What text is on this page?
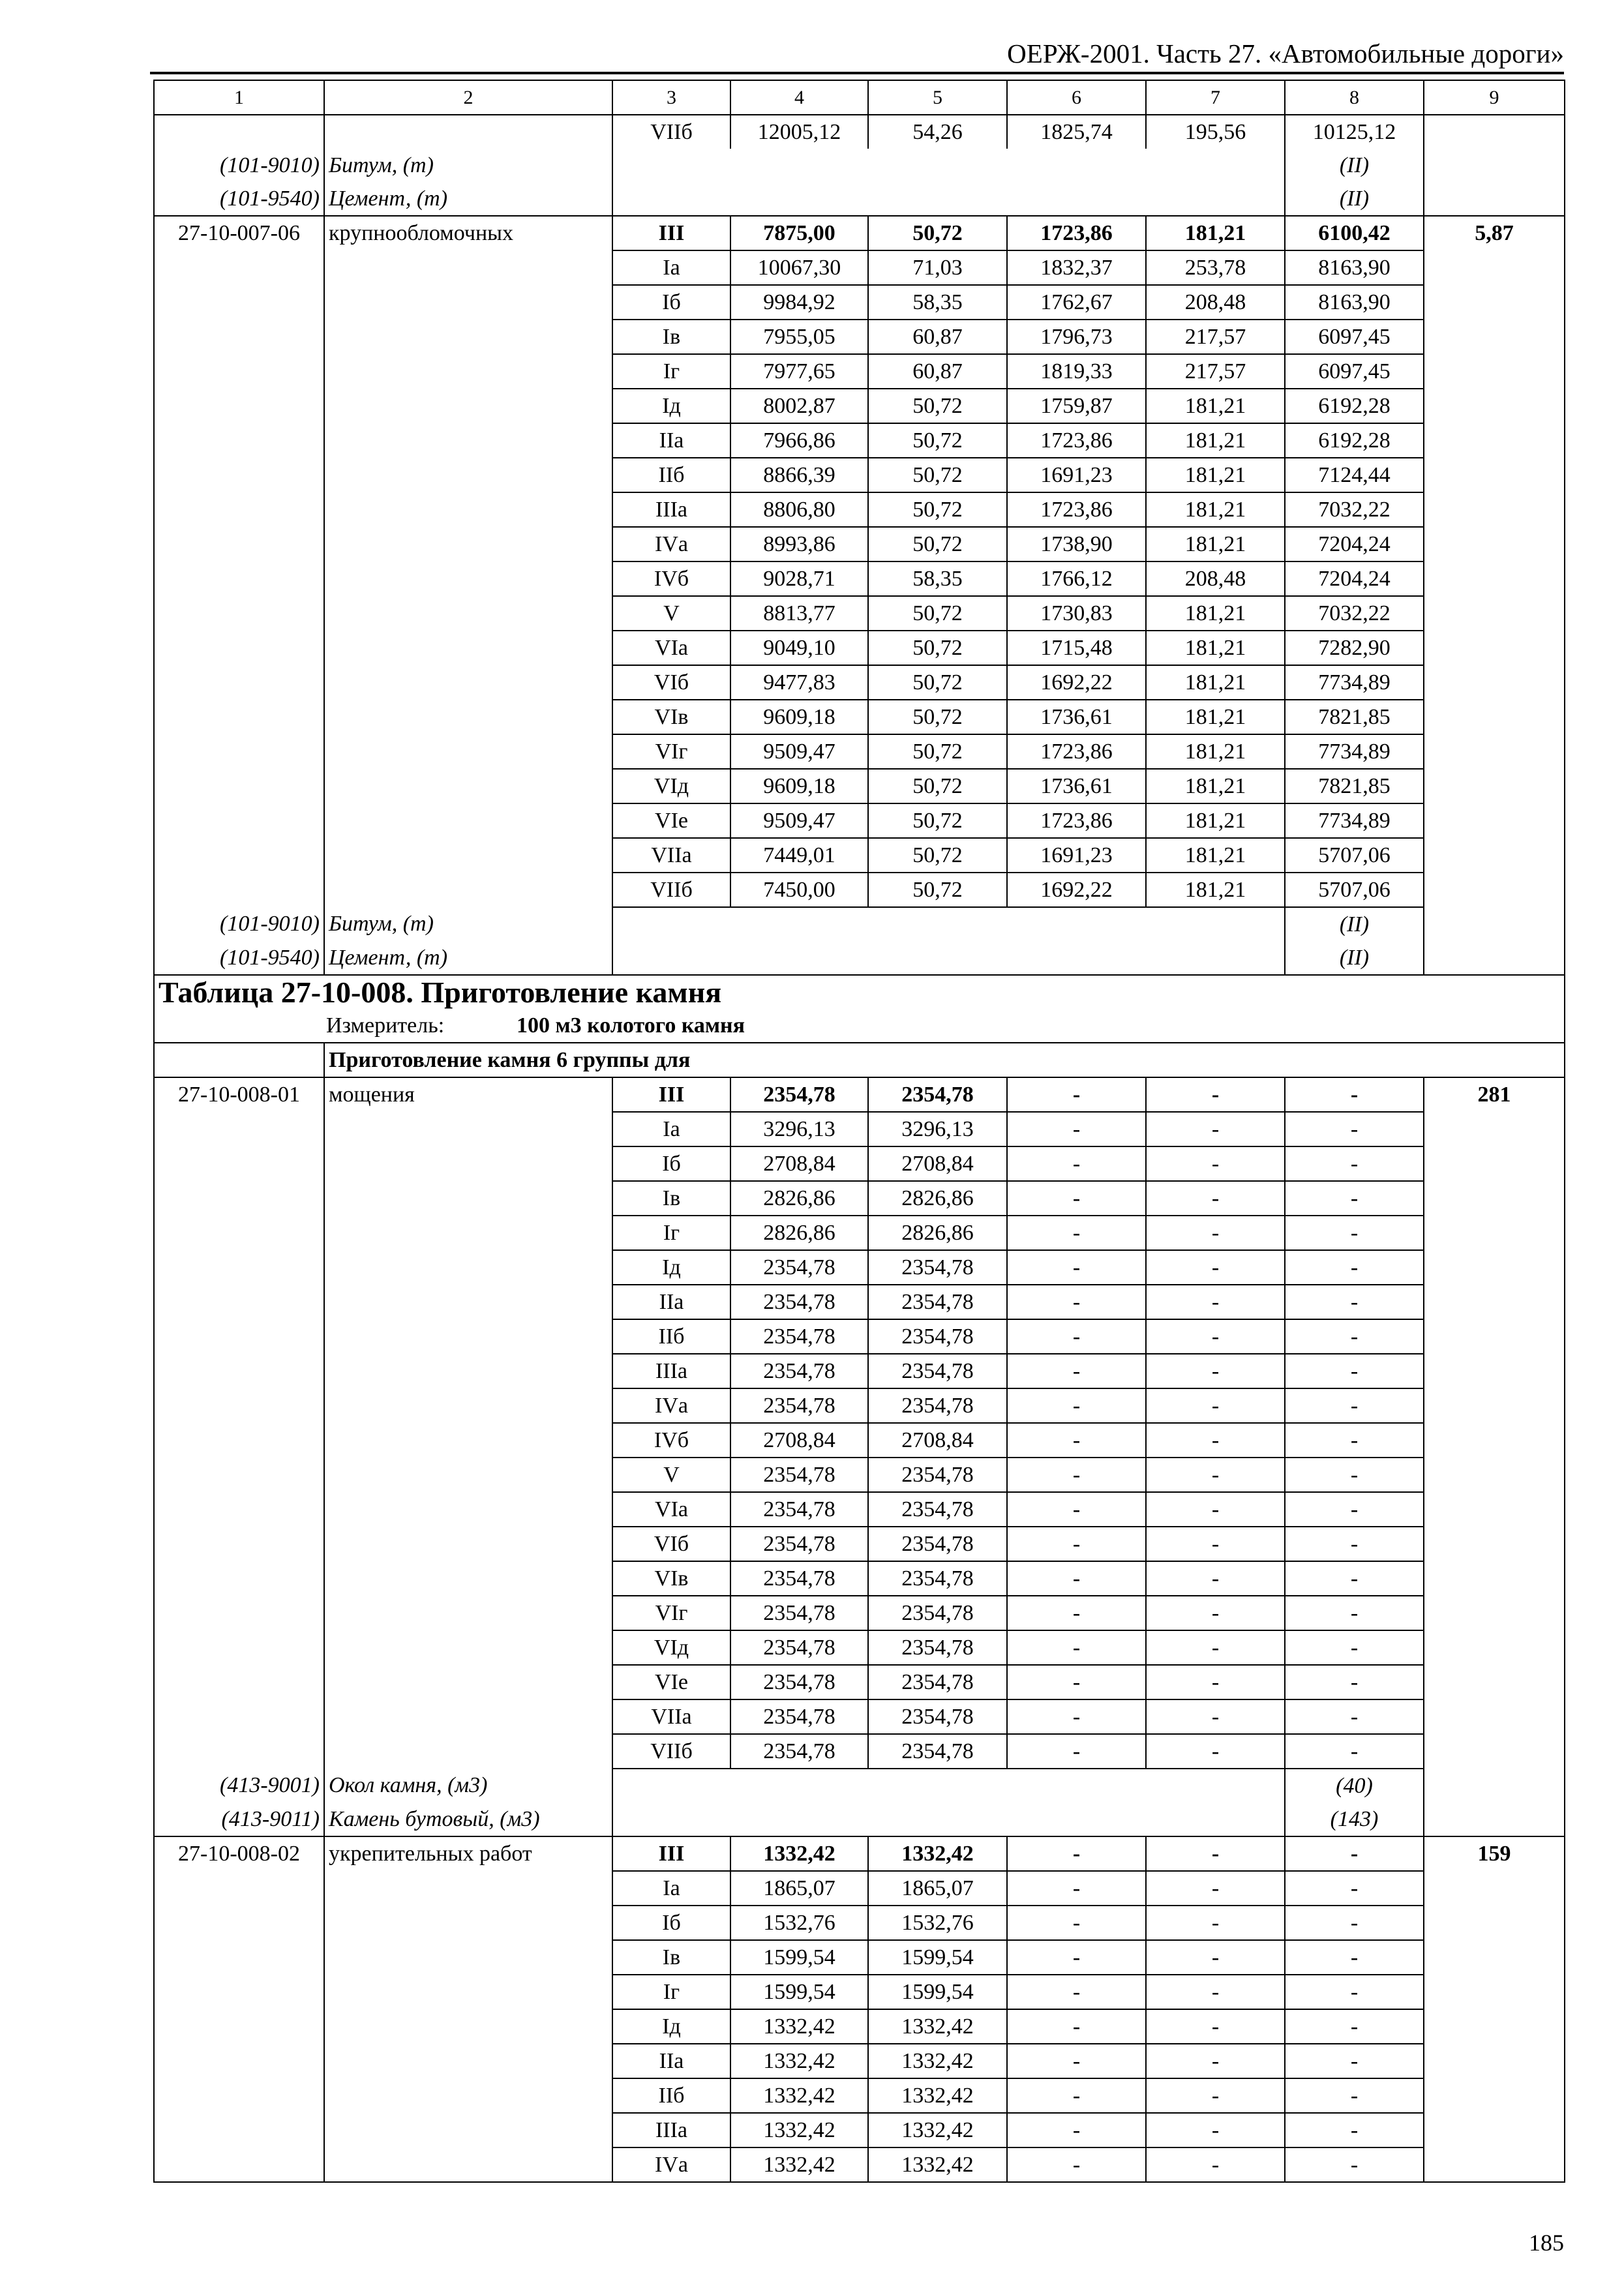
ОЕРЖ-2001. Часть 27. «Автомобильные дороги»
1	2	3	4	5	6	7	8	9
		VIIб	12005,12	54,26	1825,74	195,56	10125,12	
(101-9010)	Битум, (т)						(II)	
(101-9540)	Цемент, (т)						(II)	
27-10-007-06	крупнообломочных	III	7875,00	50,72	1723,86	181,21	6100,42	5,87
		Iа	10067,30	71,03	1832,37	253,78	8163,90	
		Iб	9984,92	58,35	1762,67	208,48	8163,90	
		Iв	7955,05	60,87	1796,73	217,57	6097,45	
		Iг	7977,65	60,87	1819,33	217,57	6097,45	
		Iд	8002,87	50,72	1759,87	181,21	6192,28	
		IIа	7966,86	50,72	1723,86	181,21	6192,28	
		IIб	8866,39	50,72	1691,23	181,21	7124,44	
		IIIа	8806,80	50,72	1723,86	181,21	7032,22	
		IVа	8993,86	50,72	1738,90	181,21	7204,24	
		IVб	9028,71	58,35	1766,12	208,48	7204,24	
		V	8813,77	50,72	1730,83	181,21	7032,22	
		VIа	9049,10	50,72	1715,48	181,21	7282,90	
		VIб	9477,83	50,72	1692,22	181,21	7734,89	
		VIв	9609,18	50,72	1736,61	181,21	7821,85	
		VIг	9509,47	50,72	1723,86	181,21	7734,89	
		VIд	9609,18	50,72	1736,61	181,21	7821,85	
		VIе	9509,47	50,72	1723,86	181,21	7734,89	
		VIIа	7449,01	50,72	1691,23	181,21	5707,06	
		VIIб	7450,00	50,72	1692,22	181,21	5707,06	
(101-9010)	Битум, (т)						(II)	
(101-9540)	Цемент, (т)						(II)	
Таблица 27-10-008. Приготовление камня								
Измеритель: 100 м3 колотого камня								
	Приготовление камня 6 группы для							
27-10-008-01	мощения	III	2354,78	2354,78	-	-	-	281
		Iа	3296,13	3296,13	-	-	-	
		Iб	2708,84	2708,84	-	-	-	
		Iв	2826,86	2826,86	-	-	-	
		Iг	2826,86	2826,86	-	-	-	
		Iд	2354,78	2354,78	-	-	-	
		IIа	2354,78	2354,78	-	-	-	
		IIб	2354,78	2354,78	-	-	-	
		IIIа	2354,78	2354,78	-	-	-	
		IVа	2354,78	2354,78	-	-	-	
		IVб	2708,84	2708,84	-	-	-	
		V	2354,78	2354,78	-	-	-	
		VIа	2354,78	2354,78	-	-	-	
		VIб	2354,78	2354,78	-	-	-	
		VIв	2354,78	2354,78	-	-	-	
		VIг	2354,78	2354,78	-	-	-	
		VIд	2354,78	2354,78	-	-	-	
		VIе	2354,78	2354,78	-	-	-	
		VIIа	2354,78	2354,78	-	-	-	
		VIIб	2354,78	2354,78	-	-	-	
(413-9001)	Окол камня, (м3)						(40)	
(413-9011)	Камень бутовый, (м3)						(143)	
27-10-008-02	укрепительных работ	III	1332,42	1332,42	-	-	-	159
		Iа	1865,07	1865,07	-	-	-	
		Iб	1532,76	1532,76	-	-	-	
		Iв	1599,54	1599,54	-	-	-	
		Iг	1599,54	1599,54	-	-	-	
		Iд	1332,42	1332,42	-	-	-	
		IIа	1332,42	1332,42	-	-	-	
		IIб	1332,42	1332,42	-	-	-	
		IIIа	1332,42	1332,42	-	-	-	
		IVа	1332,42	1332,42	-	-	-	
185
